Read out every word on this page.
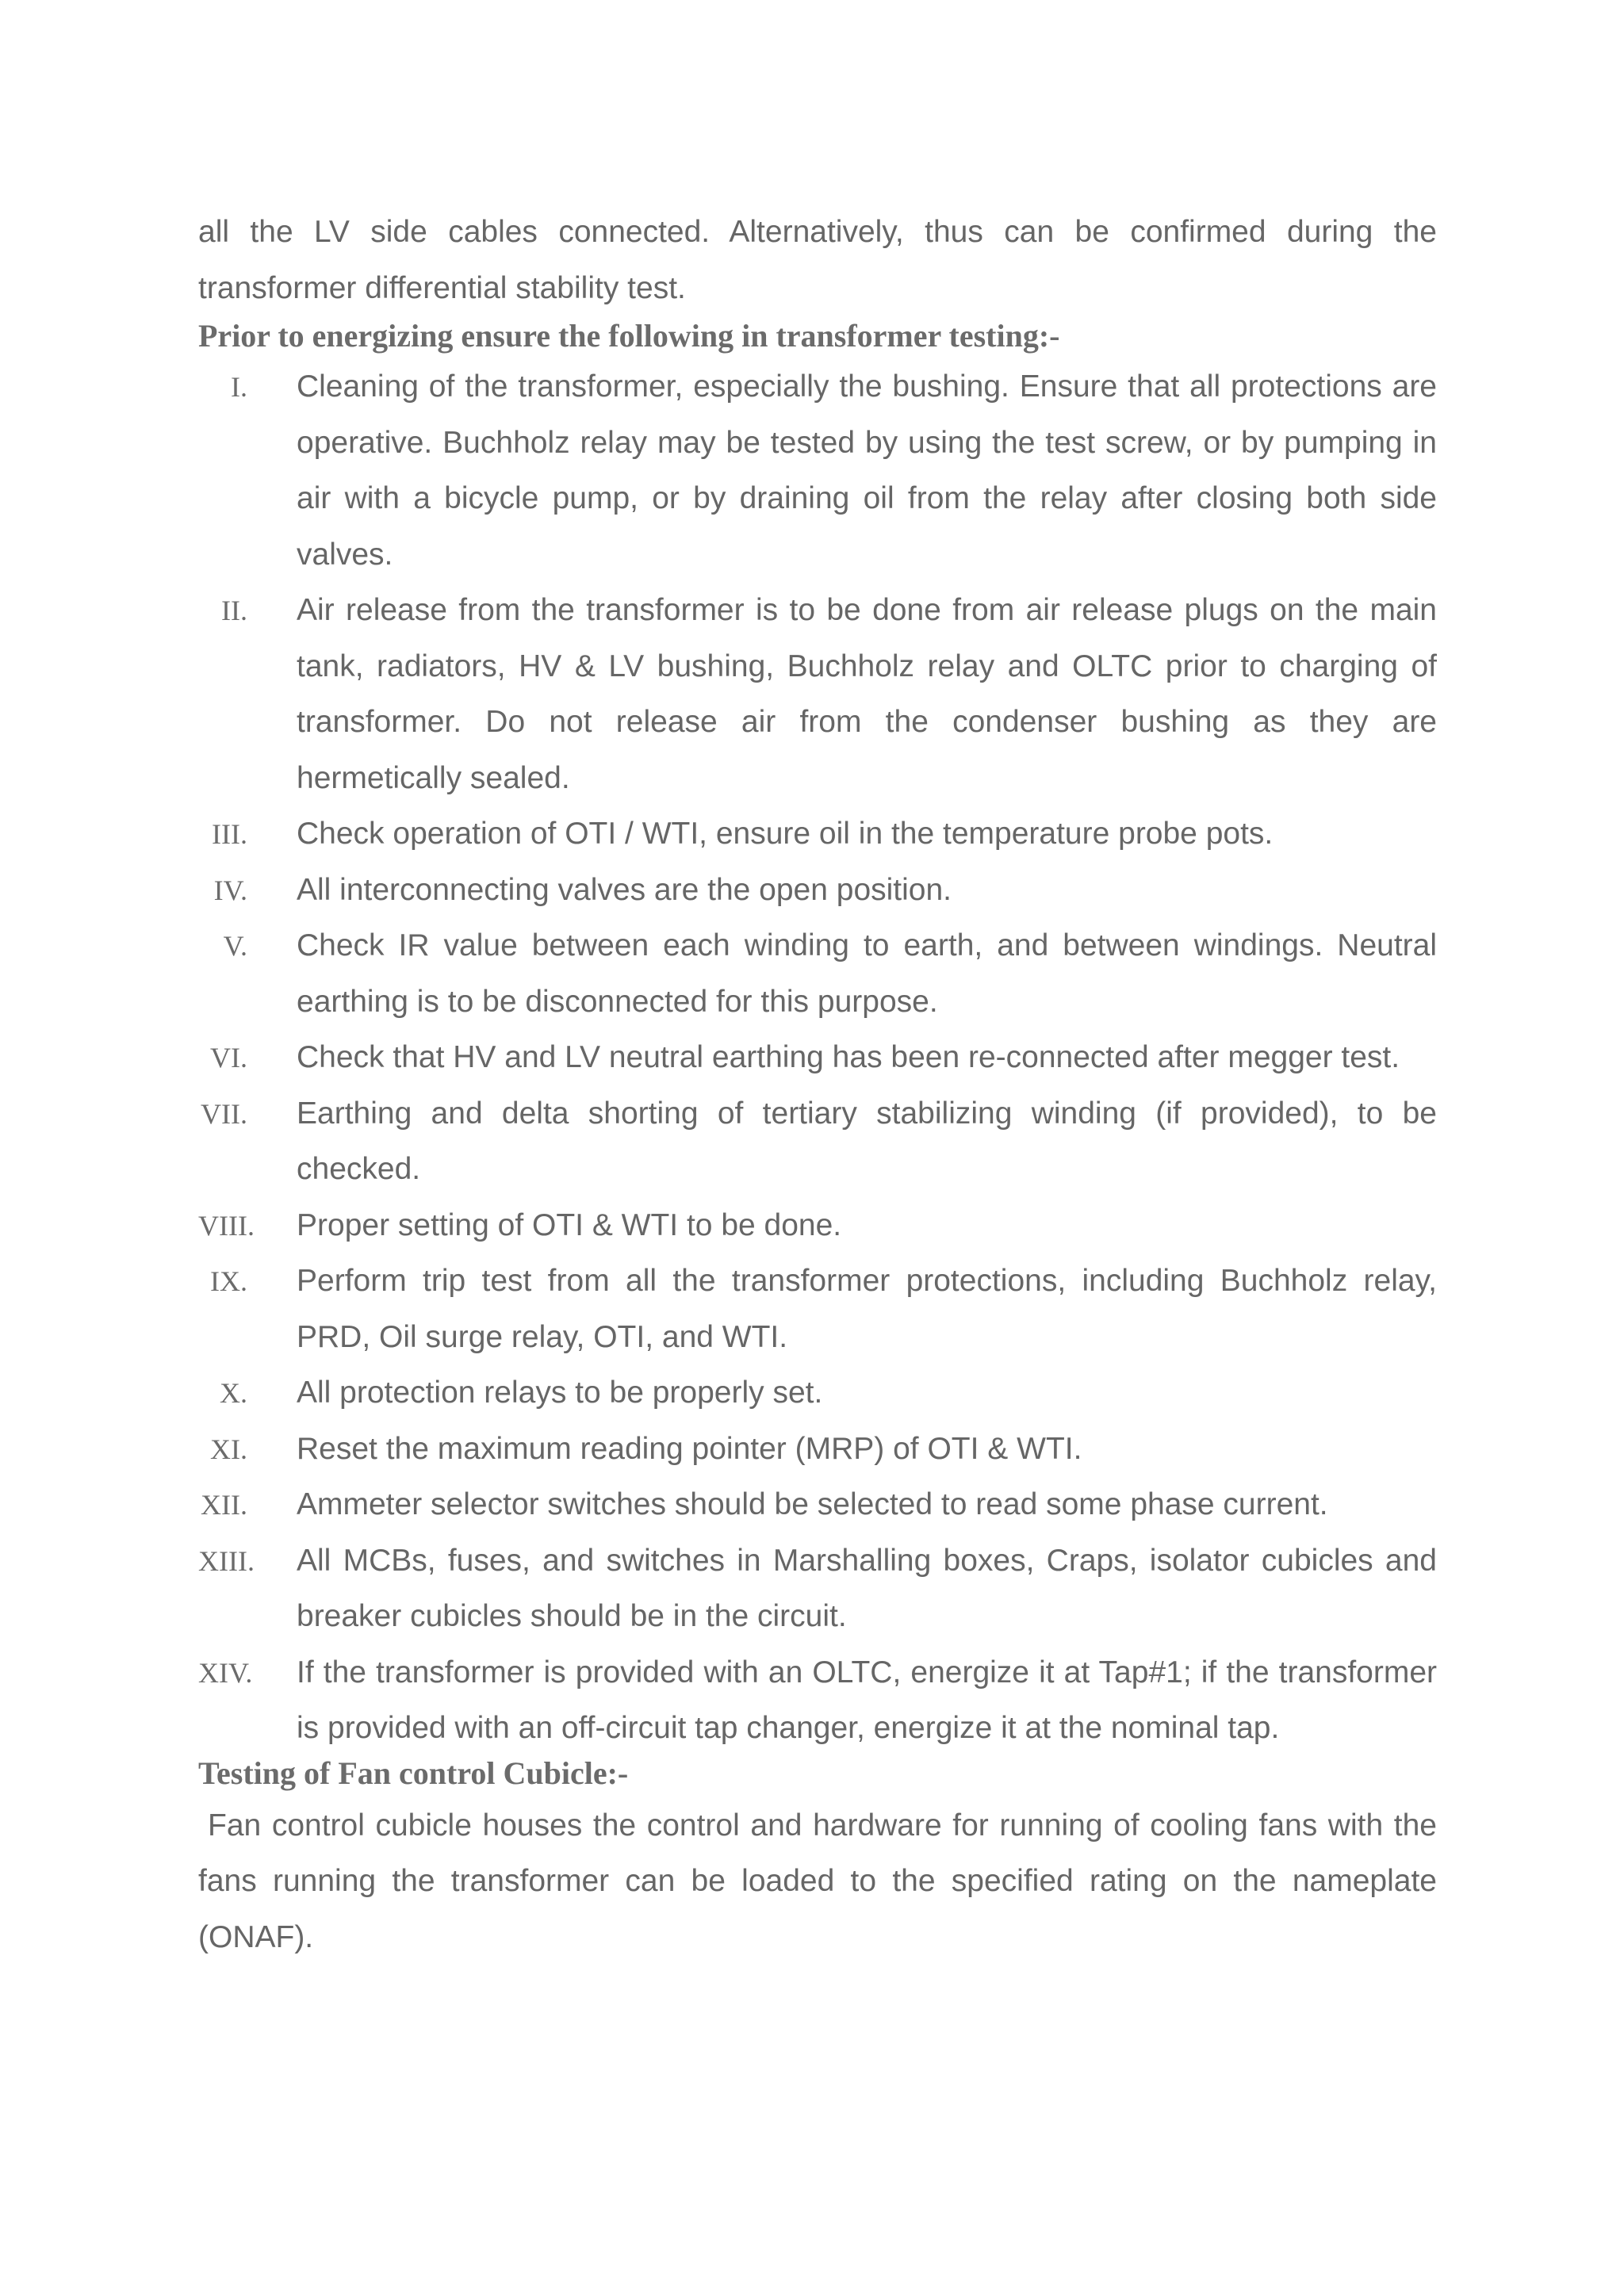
all the LV side cables connected. Alternatively, thus can be confirmed during the transformer differential stability test.

Prior to energizing ensure the following in transformer testing:-
I. Cleaning of the transformer, especially the bushing. Ensure that all protections are operative. Buchholz relay may be tested by using the test screw, or by pumping in air with a bicycle pump, or by draining oil from the relay after closing both side valves.
II. Air release from the transformer is to be done from air release plugs on the main tank, radiators, HV & LV bushing, Buchholz relay and OLTC prior to charging of transformer. Do not release air from the condenser bushing as they are hermetically sealed.
III. Check operation of OTI / WTI, ensure oil in the temperature probe pots.
IV. All interconnecting valves are the open position.
V. Check IR value between each winding to earth, and between windings. Neutral earthing is to be disconnected for this purpose.
VI. Check that HV and LV neutral earthing has been re-connected after megger test.
VII. Earthing and delta shorting of tertiary stabilizing winding (if provided), to be checked.
VIII. Proper setting of OTI & WTI to be done.
IX. Perform trip test from all the transformer protections, including Buchholz relay, PRD, Oil surge relay, OTI, and WTI.
X. All protection relays to be properly set.
XI. Reset the maximum reading pointer (MRP) of OTI & WTI.
XII. Ammeter selector switches should be selected to read some phase current.
XIII. All MCBs, fuses, and switches in Marshalling boxes, Craps, isolator cubicles and breaker cubicles should be in the circuit.
XIV. If the transformer is provided with an OLTC, energize it at Tap#1; if the transformer is provided with an off-circuit tap changer, energize it at the nominal tap.
Testing of Fan control Cubicle:-

Fan control cubicle houses the control and hardware for running of cooling fans with the fans running the transformer can be loaded to the specified rating on the nameplate (ONAF).
